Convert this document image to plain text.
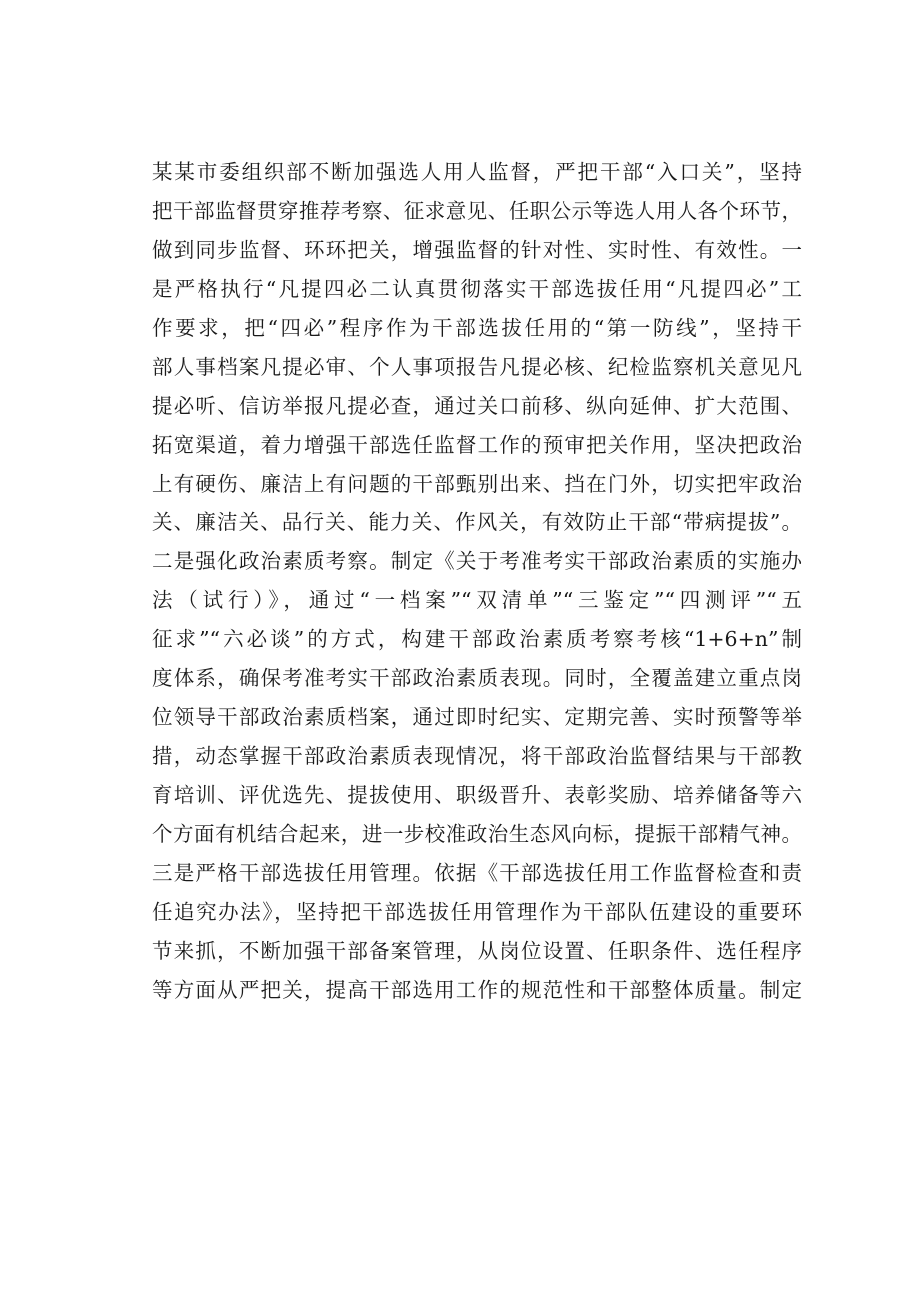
某某市委组织部不断加强选人用人监督，严把干部“入口关”，坚持
把干部监督贯穿推荐考察、征求意见、任职公示等选人用人各个环节，
做到同步监督、环环把关，增强监督的针对性、实时性、有效性。一
是严格执行“凡提四必二认真贯彻落实干部选拔任用“凡提四必”工
作要求，把“四必”程序作为干部选拔任用的“第一防线”，坚持干
部人事档案凡提必审、个人事项报告凡提必核、纪检监察机关意见凡
提必听、信访举报凡提必查，通过关口前移、纵向延伸、扩大范围、
拓宽渠道，着力增强干部选任监督工作的预审把关作用，坚决把政治
上有硬伤、廉洁上有问题的干部甄别出来、挡在门外，切实把牢政治
关、廉洁关、品行关、能力关、作风关，有效防止干部“带病提拔”。
二是强化政治素质考察。制定《关于考准考实干部政治素质的实施办
法（试行）》，通过“一档案”“双清单”“三鉴定”“四测评”“五
征求”“六必谈”的方式，构建干部政治素质考察考核“1+6+n”制
度体系，确保考准考实干部政治素质表现。同时，全覆盖建立重点岗
位领导干部政治素质档案，通过即时纪实、定期完善、实时预警等举
措，动态掌握干部政治素质表现情况，将干部政治监督结果与干部教
育培训、评优选先、提拔使用、职级晋升、表彰奖励、培养储备等六
个方面有机结合起来，进一步校准政治生态风向标，提振干部精气神。
三是严格干部选拔任用管理。依据《干部选拔任用工作监督检查和责
任追究办法》，坚持把干部选拔任用管理作为干部队伍建设的重要环
节来抓，不断加强干部备案管理，从岗位设置、任职条件、选任程序
等方面从严把关，提高干部选用工作的规范性和干部整体质量。制定
